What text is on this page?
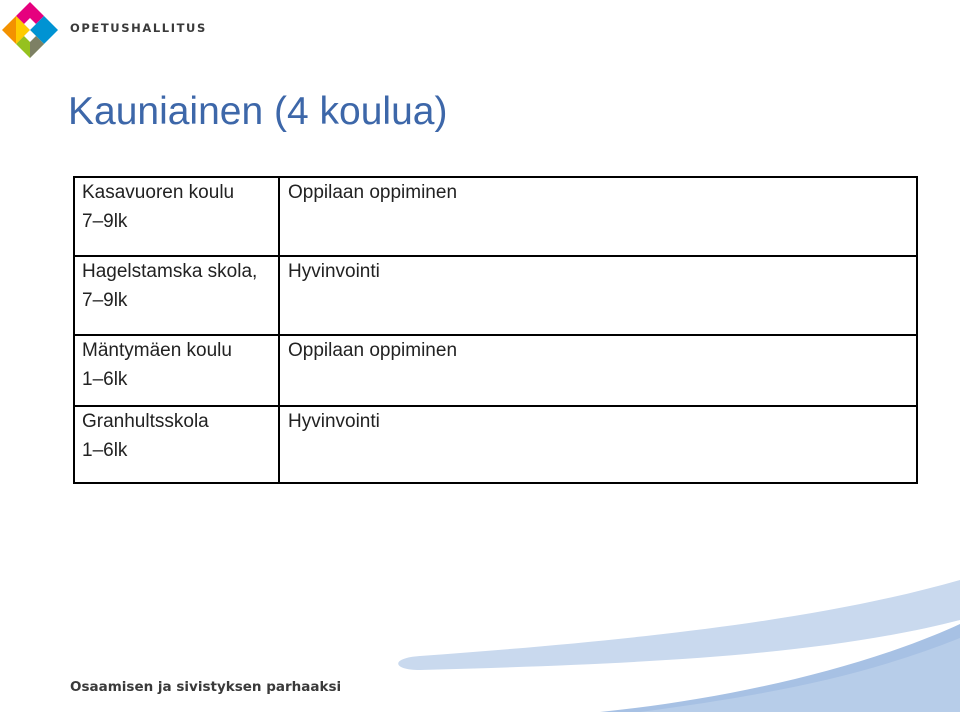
OPETUSHALLITUS
Kauniainen (4 koulua)
Kasavuoren koulu
7–9lk	Oppilaan oppiminen

Hagelstamska skola,
7–9lk	Hyvinvointi

Mäntymäen koulu
1–6lk	Oppilaan oppiminen

Granhultsskola
1–6lk	Hyvinvointi
Osaamisen ja sivistyksen parhaaksi
